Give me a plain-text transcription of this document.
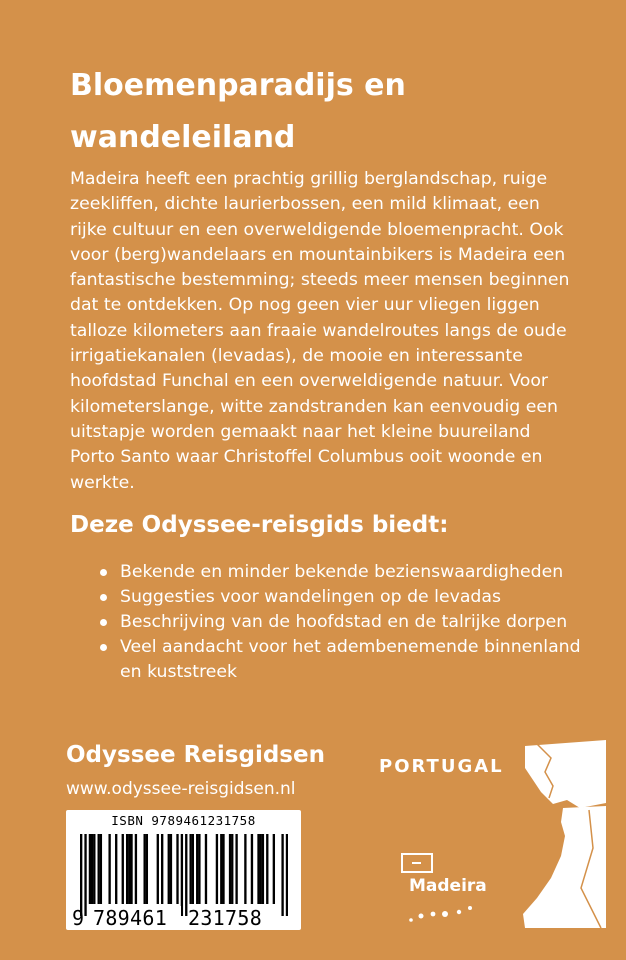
Bloemenparadijs en wandeleiland

Madeira heeft een prachtig grillig berglandschap, ruige zeekliffen, dichte laurierbossen, een mild klimaat, een rijke cultuur en een overweldigende bloemenpracht. Ook voor (berg)wandelaars en mountainbikers is Madeira een fantastische bestemming; steeds meer mensen beginnen dat te ontdekken. Op nog geen vier uur vliegen liggen talloze kilometers aan fraaie wandelroutes langs de oude irrigatiekanalen (levadas), de mooie en interessante hoofdstad Funchal en een overweldigende natuur. Voor kilometerslange, witte zandstranden kan eenvoudig een uitstapje worden gemaakt naar het kleine buureiland Porto Santo waar Christoffel Columbus ooit woonde en werkte.

Deze Odyssee-reisgids biedt:
Bekende en minder bekende bezienswaardigheden
Suggesties voor wandelingen op de levadas
Beschrijving van de hoofdstad en de talrijke dorpen
Veel aandacht voor het adembenemende binnenland en kuststreek
Odyssee Reisgidsen
www.odyssee-reisgidsen.nl
ISBN 9789461231758
9 789461	231758
PORTUGAL
Madeira
